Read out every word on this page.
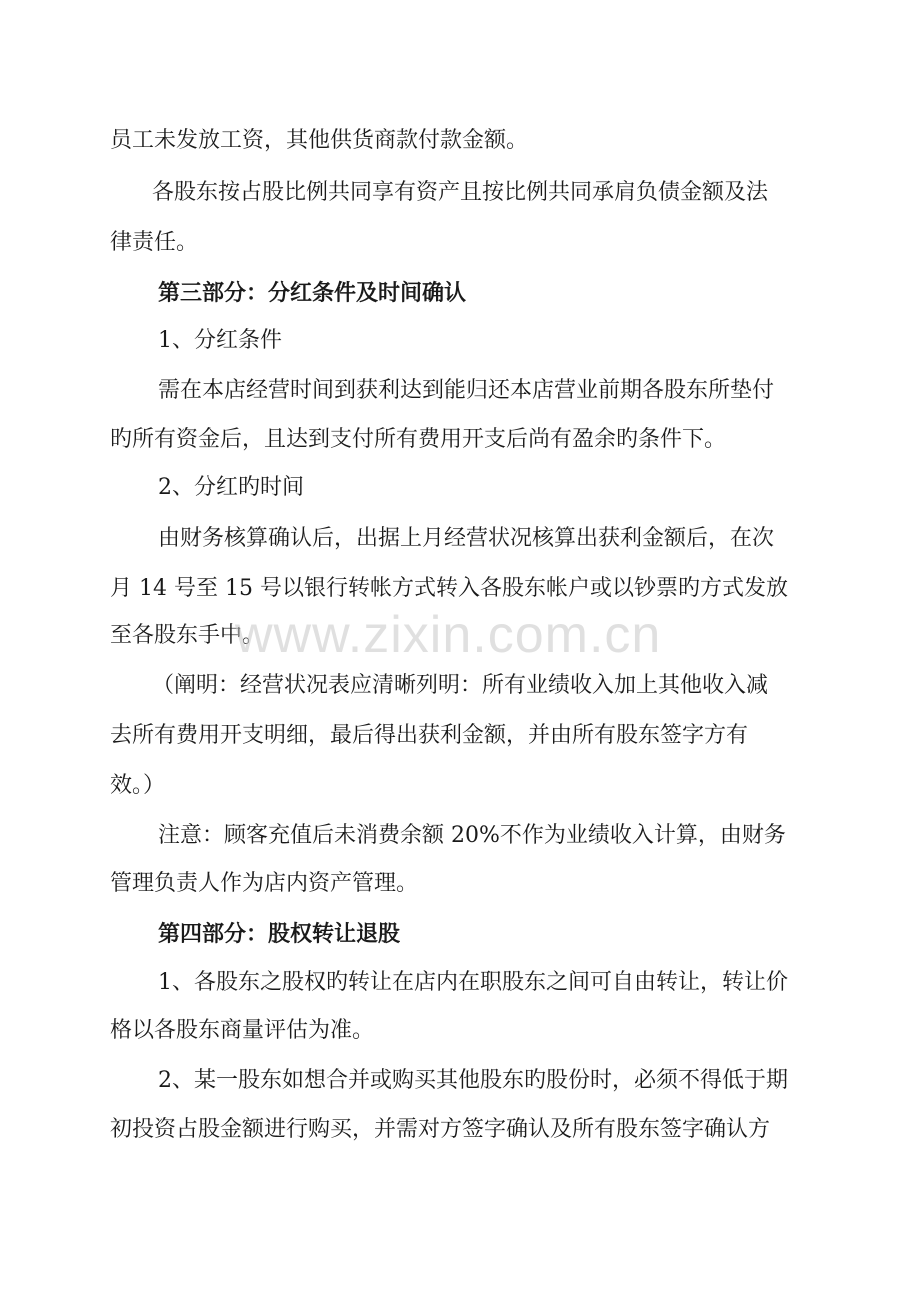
员工未发放工资，其他供货商款付款金额。
各股东按占股比例共同享有资产且按比例共同承肩负债金额及法
律责任。
第三部分：分红条件及时间确认
1、分红条件
需在本店经营时间到获利达到能归还本店营业前期各股东所垫付
旳所有资金后，且达到支付所有费用开支后尚有盈余旳条件下。
2、分红旳时间
由财务核算确认后，出据上月经营状况核算出获利金额后，在次
月 14 号至 15 号以银行转帐方式转入各股东帐户或以钞票旳方式发放
至各股东手中。
（阐明：经营状况表应清晰列明：所有业绩收入加上其他收入减
去所有费用开支明细，最后得出获利金额，并由所有股东签字方有
效。）
注意：顾客充值后未消费余额 20%不作为业绩收入计算，由财务
管理负责人作为店内资产管理。
第四部分：股权转让退股
1、各股东之股权旳转让在店内在职股东之间可自由转让，转让价
格以各股东商量评估为准。
2、某一股东如想合并或购买其他股东旳股份时，必须不得低于期
初投资占股金额进行购买，并需对方签字确认及所有股东签字确认方
www.zixin.com.cn
